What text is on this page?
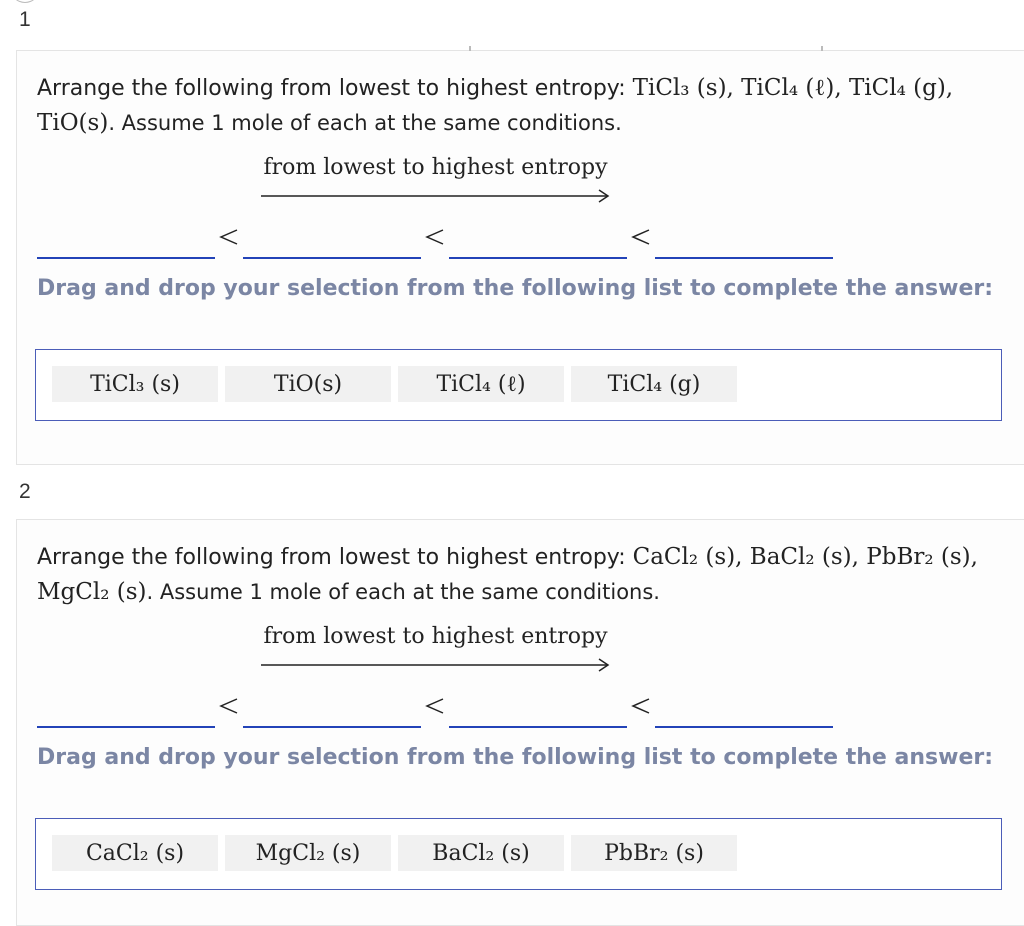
1
Arrange the following from lowest to highest entropy: TiCl₃ (s), TiCl₄ (ℓ), TiCl₄ (g), TiO(s). Assume 1 mole of each at the same conditions.
from lowest to highest entropy
Drag and drop your selection from the following list to complete the answer:
TiCl₃ (s)	TiO(s)	TiCl₄ (ℓ)	TiCl₄ (g)
2
Arrange the following from lowest to highest entropy: CaCl₂ (s), BaCl₂ (s), PbBr₂ (s), MgCl₂ (s). Assume 1 mole of each at the same conditions.
from lowest to highest entropy
Drag and drop your selection from the following list to complete the answer:
CaCl₂ (s)	MgCl₂ (s)	BaCl₂ (s)	PbBr₂ (s)
